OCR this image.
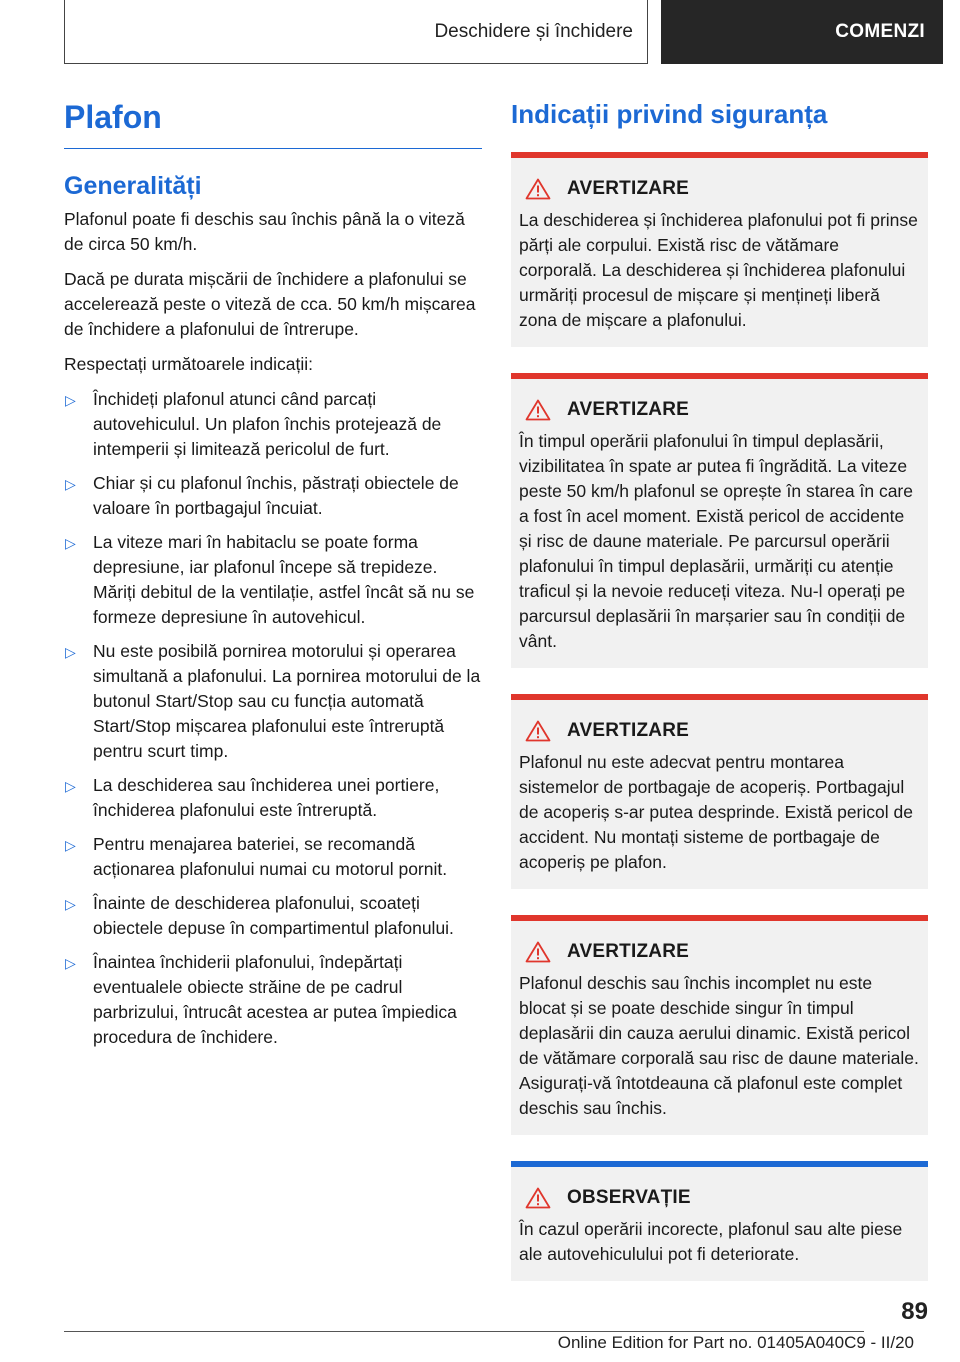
Deschidere și închidere	COMENZI
Plafon
Generalități

Plafonul poate fi deschis sau închis până la o viteză de circa 50 km/h.

Dacă pe durata mișcării de închidere a plafonului se accelerează peste o viteză de cca. 50 km/h mișcarea de închidere a plafonului de întrerupe.

Respectați următoarele indicații:

▷ Închideți plafonul atunci când parcați autovehiculul. Un plafon închis protejează de intemperii și limitează pericolul de furt.
▷ Chiar și cu plafonul închis, păstrați obiectele de valoare în portbagajul încuiat.
▷ La viteze mari în habitaclu se poate forma depresiune, iar plafonul începe să trepideze. Măriți debitul de la ventilație, astfel încât să nu se formeze depresiune în autovehicul.
▷ Nu este posibilă pornirea motorului și operarea simultană a plafonului. La pornirea motorului de la butonul Start/Stop sau cu funcția automată Start/Stop mișcarea plafonului este întreruptă pentru scurt timp.
▷ La deschiderea sau închiderea unei portiere, închiderea plafonului este întreruptă.
▷ Pentru menajarea bateriei, se recomandă acționarea plafonului numai cu motorul pornit.
▷ Înainte de deschiderea plafonului, scoateți obiectele depuse în compartimentul plafonului.
▷ Înaintea închiderii plafonului, îndepărtați eventualele obiecte străine de pe cadrul parbrizului, întrucât acestea ar putea împiedica procedura de închidere.
Indicații privind siguranța
AVERTIZARE

La deschiderea și închiderea plafonului pot fi prinse părți ale corpului. Există risc de vătămare corporală. La deschiderea și închiderea plafonului urmăriți procesul de mișcare și mențineți liberă zona de mișcare a plafonului.

AVERTIZARE

În timpul operării plafonului în timpul deplasării, vizibilitatea în spate ar putea fi îngrădită. La viteze peste 50 km/h plafonul se oprește în starea în care a fost în acel moment. Există pericol de accidente și risc de daune materiale. Pe parcursul operării plafonului în timpul deplasării, urmăriți cu atenție traficul și la nevoie reduceți viteza. Nu-l operați pe parcursul deplasării în marșarier sau în condiții de vânt.

AVERTIZARE

Plafonul nu este adecvat pentru montarea sistemelor de portbagaje de acoperiș. Portbagajul de acoperiș s-ar putea desprinde. Există pericol de accident. Nu montați sisteme de portbagaje de acoperiș pe plafon.

AVERTIZARE

Plafonul deschis sau închis incomplet nu este blocat și se poate deschide singur în timpul deplasării din cauza aerului dinamic. Există pericol de vătămare corporală sau risc de daune materiale. Asigurați-vă întotdeauna că plafonul este complet deschis sau închis.

OBSERVAȚIE

În cazul operării incorecte, plafonul sau alte piese ale autovehiculului pot fi deteriorate.

89
Online Edition for Part no. 01405A040C9 - II/20
